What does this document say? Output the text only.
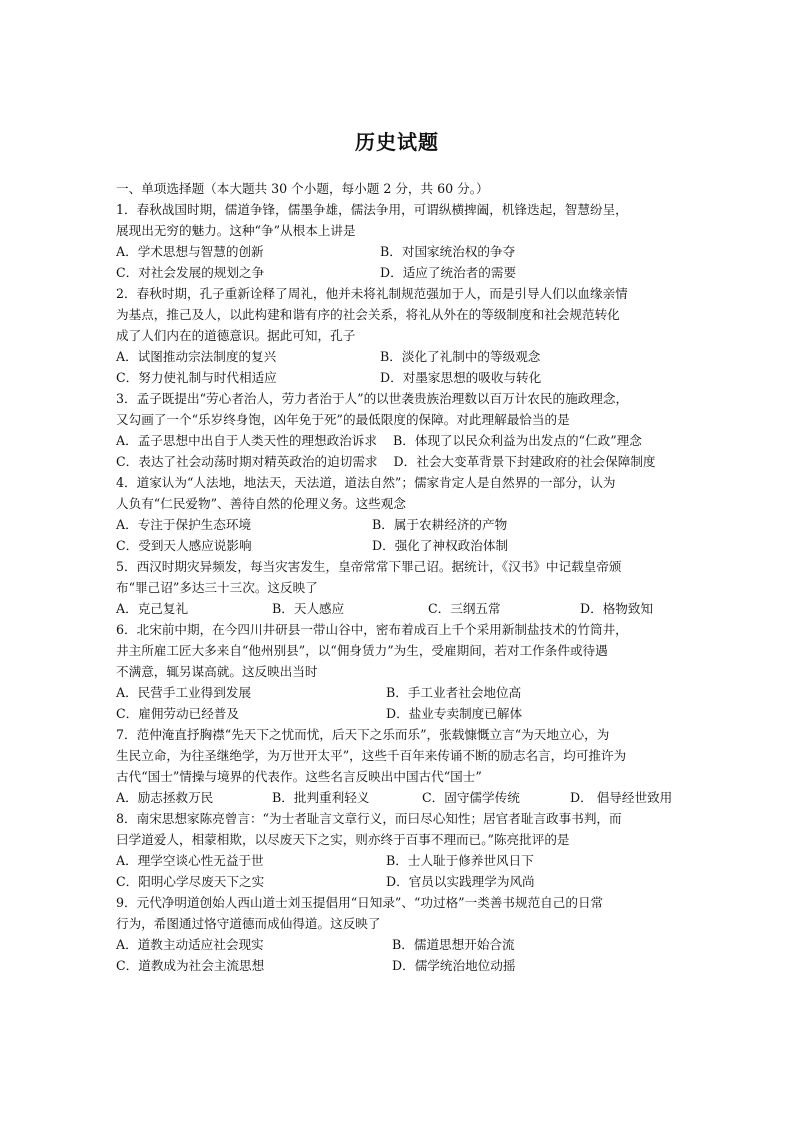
历史试题
一、单项选择题（本大题共 30 个小题，每小题 2 分，共 60 分。）
1．春秋战国时期，儒道争锋，儒墨争雄，儒法争用，可谓纵横捭阖，机锋迭起，智慧纷呈，
展现出无穷的魅力。这种“争”从根本上讲是
A．学术思想与智慧的创新	B．对国家统治权的争夺
C．对社会发展的规划之争	D．适应了统治者的需要
2．春秋时期，孔子重新诠释了周礼，他并未将礼制规范强加于人，而是引导人们以血缘亲情
为基点，推己及人，以此构建和谐有序的社会关系，将礼从外在的等级制度和社会规范转化
成了人们内在的道德意识。据此可知，孔子
A．试图推动宗法制度的复兴	B．淡化了礼制中的等级观念
C．努力使礼制与时代相适应	D．对墨家思想的吸收与转化
3．孟子既提出“劳心者治人，劳力者治于人”的以世袭贵族治理数以百万计农民的施政理念，
又勾画了一个“乐岁终身饱，凶年免于死”的最低限度的保障。对此理解最恰当的是
A．孟子思想中出自于人类天性的理想政治诉求 B．体现了以民众利益为出发点的“仁政”理念
C．表达了社会动荡时期对精英政治的迫切需求 D．社会大变革背景下封建政府的社会保障制度
4．道家认为“人法地，地法天，天法道，道法自然”；儒家肯定人是自然界的一部分，认为
人负有“仁民爱物”、善待自然的伦理义务。这些观念
A．专注于保护生态环境	B．属于农耕经济的产物
C．受到天人感应说影响	D．强化了神权政治体制
5．西汉时期灾异频发，每当灾害发生，皇帝常常下罪己诏。据统计，《汉书》中记载皇帝颁
布“罪己诏”多达三十三次。这反映了
A．克己复礼	B．天人感应	C．三纲五常	D．格物致知
6．北宋前中期，在今四川井研县一带山谷中，密布着成百上千个采用新制盐技术的竹筒井，
井主所雇工匠大多来自“他州别县”，以“佣身赁力”为生，受雇期间，若对工作条件或待遇
不满意，辄另谋高就。这反映出当时
A．民营手工业得到发展	B．手工业者社会地位高
C．雇佣劳动已经普及	D．盐业专卖制度已解体
7．范仲淹直抒胸襟“先天下之忧而忧，后天下之乐而乐”，张载慷慨立言“为天地立心，为
生民立命，为往圣继绝学，为万世开太平”，这些千百年来传诵不断的励志名言，均可推许为
古代“国士”情操与境界的代表作。这些名言反映出中国古代“国士”
A．励志拯救万民	B．批判重利轻义	C．固守儒学传统	D． 倡导经世致用
8．南宋思想家陈亮曾言：“为士者耻言文章行义，而曰尽心知性；居官者耻言政事书判，而
曰学道爱人，相蒙相欺，以尽废天下之实，则亦终于百事不理而已。”陈亮批评的是
A．理学空谈心性无益于世	B．士人耻于修养世风日下
C．阳明心学尽废天下之实	D．官员以实践理学为风尚
9．元代净明道创始人西山道士刘玉提倡用“日知录”、“功过格”一类善书规范自己的日常
行为，希图通过恪守道德而成仙得道。这反映了
A．道教主动适应社会现实	B．儒道思想开始合流
C．道教成为社会主流思想	D．儒学统治地位动摇
